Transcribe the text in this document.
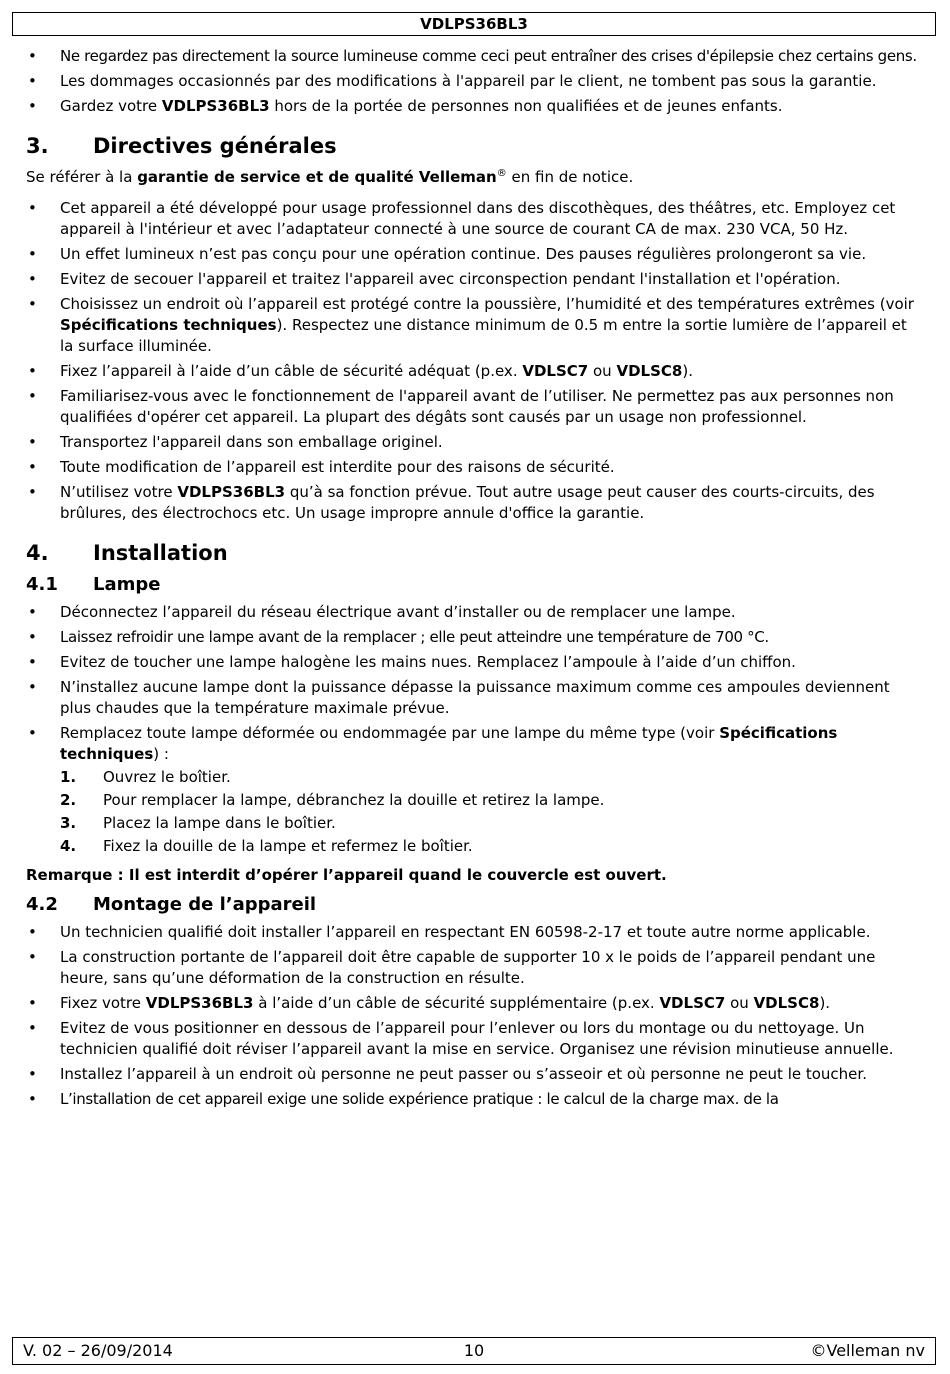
VDLPS36BL3
• Ne regardez pas directement la source lumineuse comme ceci peut entraîner des crises d'épilepsie chez certains gens.
• Les dommages occasionnés par des modifications à l'appareil par le client, ne tombent pas sous la garantie.
• Gardez votre VDLPS36BL3 hors de la portée de personnes non qualifiées et de jeunes enfants.
3.	Directives générales

Se référer à la garantie de service et de qualité Velleman® en fin de notice.

• Cet appareil a été développé pour usage professionnel dans des discothèques, des théâtres, etc. Employez cet appareil à l'intérieur et avec l’adaptateur connecté à une source de courant CA de max. 230 VCA, 50 Hz.
• Un effet lumineux n’est pas conçu pour une opération continue. Des pauses régulières prolongeront sa vie.
• Evitez de secouer l'appareil et traitez l'appareil avec circonspection pendant l'installation et l'opération.
• Choisissez un endroit où l’appareil est protégé contre la poussière, l’humidité et des températures extrêmes (voir Spécifications techniques). Respectez une distance minimum de 0.5 m entre la sortie lumière de l’appareil et la surface illuminée.
• Fixez l’appareil à l’aide d’un câble de sécurité adéquat (p.ex. VDLSC7 ou VDLSC8).
• Familiarisez-vous avec le fonctionnement de l'appareil avant de l’utiliser. Ne permettez pas aux personnes non qualifiées d'opérer cet appareil. La plupart des dégâts sont causés par un usage non professionnel.
• Transportez l'appareil dans son emballage originel.
• Toute modification de l’appareil est interdite pour des raisons de sécurité.
• N’utilisez votre VDLPS36BL3 qu’à sa fonction prévue. Tout autre usage peut causer des courts-circuits, des brûlures, des électrochocs etc. Un usage impropre annule d'office la garantie.
4.	Installation
4.1	Lampe
• Déconnectez l’appareil du réseau électrique avant d’installer ou de remplacer une lampe.
• Laissez refroidir une lampe avant de la remplacer ; elle peut atteindre une température de 700 °C.
• Evitez de toucher une lampe halogène les mains nues. Remplacez l’ampoule à l’aide d’un chiffon.
• N’installez aucune lampe dont la puissance dépasse la puissance maximum comme ces ampoules deviennent plus chaudes que la température maximale prévue.
• Remplacez toute lampe déformée ou endommagée par une lampe du même type (voir Spécifications techniques) :
1. Ouvrez le boîtier.
2. Pour remplacer la lampe, débranchez la douille et retirez la lampe.
3. Placez la lampe dans le boîtier.
4. Fixez la douille de la lampe et refermez le boîtier.

Remarque : Il est interdit d’opérer l’appareil quand le couvercle est ouvert.

4.2	Montage de l’appareil
• Un technicien qualifié doit installer l’appareil en respectant EN 60598-2-17 et toute autre norme applicable.
• La construction portante de l’appareil doit être capable de supporter 10 x le poids de l’appareil pendant une heure, sans qu’une déformation de la construction en résulte.
• Fixez votre VDLPS36BL3 à l’aide d’un câble de sécurité supplémentaire (p.ex. VDLSC7 ou VDLSC8).
• Evitez de vous positionner en dessous de l’appareil pour l’enlever ou lors du montage ou du nettoyage. Un technicien qualifié doit réviser l’appareil avant la mise en service. Organisez une révision minutieuse annuelle.
• Installez l’appareil à un endroit où personne ne peut passer ou s’asseoir et où personne ne peut le toucher.
• L’installation de cet appareil exige une solide expérience pratique : le calcul de la charge max. de la
V. 02 – 26/09/2014	10	©Velleman nv
